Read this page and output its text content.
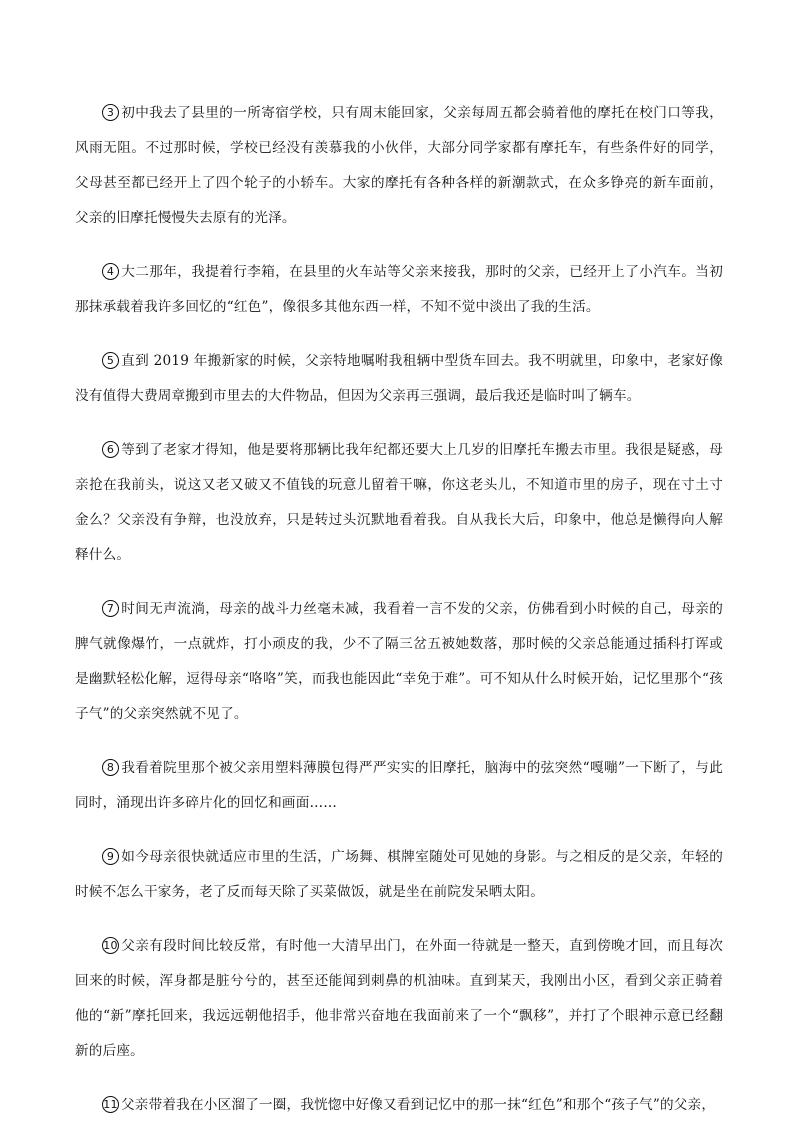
3 初中我去了县里的一所寄宿学校，只有周末能回家，父亲每周五都会骑着他的摩托在校门口等我，风雨无阻。不过那时候，学校已经没有羡慕我的小伙伴，大部分同学家都有摩托车，有些条件好的同学，父母甚至都已经开上了四个轮子的小轿车。大家的摩托有各种各样的新潮款式，在众多铮亮的新车面前，父亲的旧摩托慢慢失去原有的光泽。

4 大二那年，我提着行李箱，在县里的火车站等父亲来接我，那时的父亲，已经开上了小汽车。当初那抹承载着我许多回忆的“红色”，像很多其他东西一样，不知不觉中淡出了我的生活。

5 直到 2019 年搬新家的时候，父亲特地嘱咐我租辆中型货车回去。我不明就里，印象中，老家好像没有值得大费周章搬到市里去的大件物品，但因为父亲再三强调，最后我还是临时叫了辆车。

6 等到了老家才得知，他是要将那辆比我年纪都还要大上几岁的旧摩托车搬去市里。我很是疑惑，母亲抢在我前头，说这又老又破又不值钱的玩意儿留着干嘛，你这老头儿，不知道市里的房子，现在寸土寸金么？父亲没有争辩，也没放弃，只是转过头沉默地看着我。自从我长大后，印象中，他总是懒得向人解释什么。

7 时间无声流淌，母亲的战斗力丝毫未减，我看着一言不发的父亲，仿佛看到小时候的自己，母亲的脾气就像爆竹，一点就炸，打小顽皮的我，少不了隔三岔五被她数落，那时候的父亲总能通过插科打诨或是幽默轻松化解，逗得母亲“咯咯”笑，而我也能因此“幸免于难”。可不知从什么时候开始，记忆里那个“孩子气”的父亲突然就不见了。

8 我看着院里那个被父亲用塑料薄膜包得严严实实的旧摩托，脑海中的弦突然“嘎嘣”一下断了，与此同时，涌现出许多碎片化的回忆和画面……

9 如今母亲很快就适应市里的生活，广场舞、棋牌室随处可见她的身影。与之相反的是父亲，年轻的时候不怎么干家务，老了反而每天除了买菜做饭，就是坐在前院发呆晒太阳。

10 父亲有段时间比较反常，有时他一大清早出门，在外面一待就是一整天，直到傍晚才回，而且每次回来的时候，浑身都是脏兮兮的，甚至还能闻到刺鼻的机油味。直到某天，我刚出小区，看到父亲正骑着他的“新”摩托回来，我远远朝他招手，他非常兴奋地在我面前来了一个“飘移”，并打了个眼神示意已经翻新的后座。

11 父亲带着我在小区溜了一圈，我恍惚中好像又看到记忆中的那一抹“红色”和那个“孩子气”的父亲，
